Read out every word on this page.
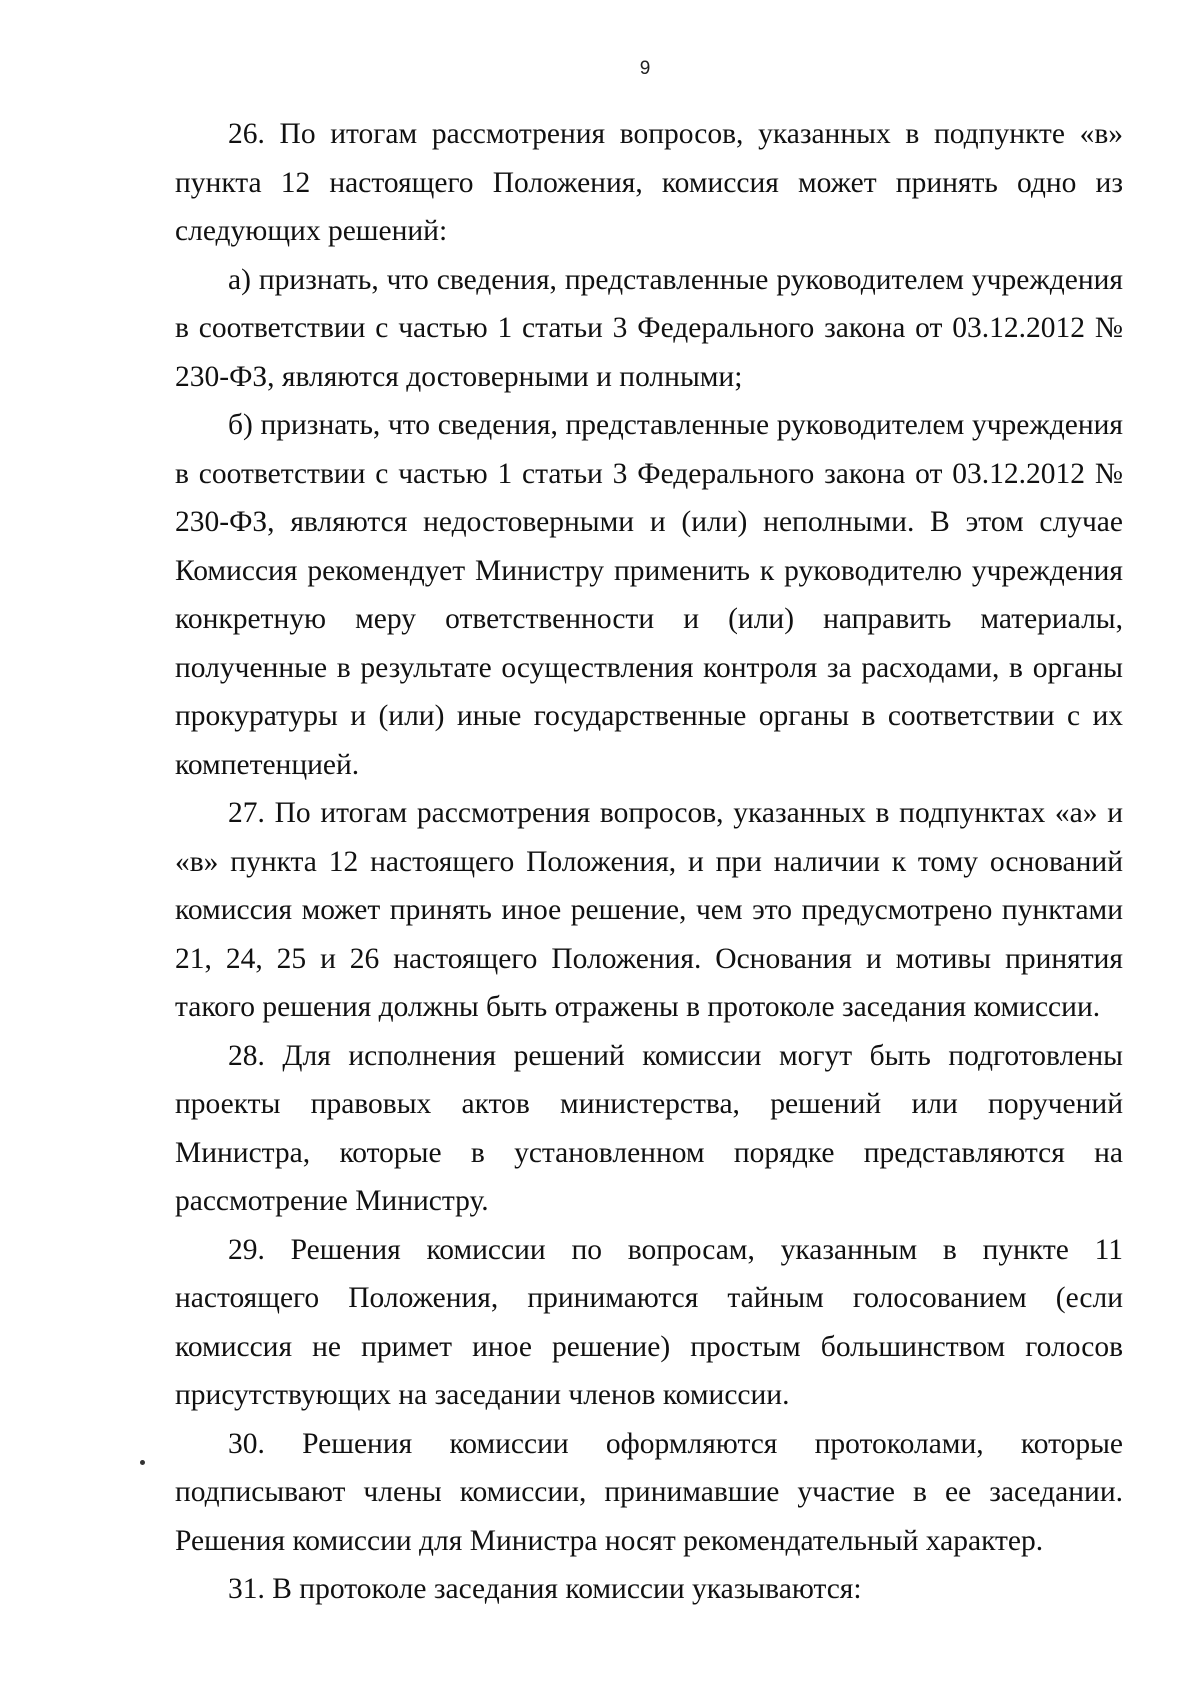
9

26. По итогам рассмотрения вопросов, указанных в подпункте «в» пункта 12 настоящего Положения, комиссия может принять одно из следующих решений:

а) признать, что сведения, представленные руководителем учреждения в соответствии с частью 1 статьи 3 Федерального закона от 03.12.2012 № 230-ФЗ, являются достоверными и полными;

б) признать, что сведения, представленные руководителем учреждения в соответствии с частью 1 статьи 3 Федерального закона от 03.12.2012 № 230-ФЗ, являются недостоверными и (или) неполными. В этом случае Комиссия рекомендует Министру применить к руководителю учреждения конкретную меру ответственности и (или) направить материалы, полученные в результате осуществления контроля за расходами, в органы прокуратуры и (или) иные государственные органы в соответствии с их компетенцией.

27. По итогам рассмотрения вопросов, указанных в подпунктах «а» и «в» пункта 12 настоящего Положения, и при наличии к тому оснований комиссия может принять иное решение, чем это предусмотрено пунктами 21, 24, 25 и 26 настоящего Положения. Основания и мотивы принятия такого решения должны быть отражены в протоколе заседания комиссии.

28. Для исполнения решений комиссии могут быть подготовлены проекты правовых актов министерства, решений или поручений Министра, которые в установленном порядке представляются на рассмотрение Министру.

29. Решения комиссии по вопросам, указанным в пункте 11 настоящего Положения, принимаются тайным голосованием (если комиссия не примет иное решение) простым большинством голосов присутствующих на заседании членов комиссии.

30. Решения комиссии оформляются протоколами, которые подписывают члены комиссии, принимавшие участие в ее заседании. Решения комиссии для Министра носят рекомендательный характер.

31. В протоколе заседания комиссии указываются:
